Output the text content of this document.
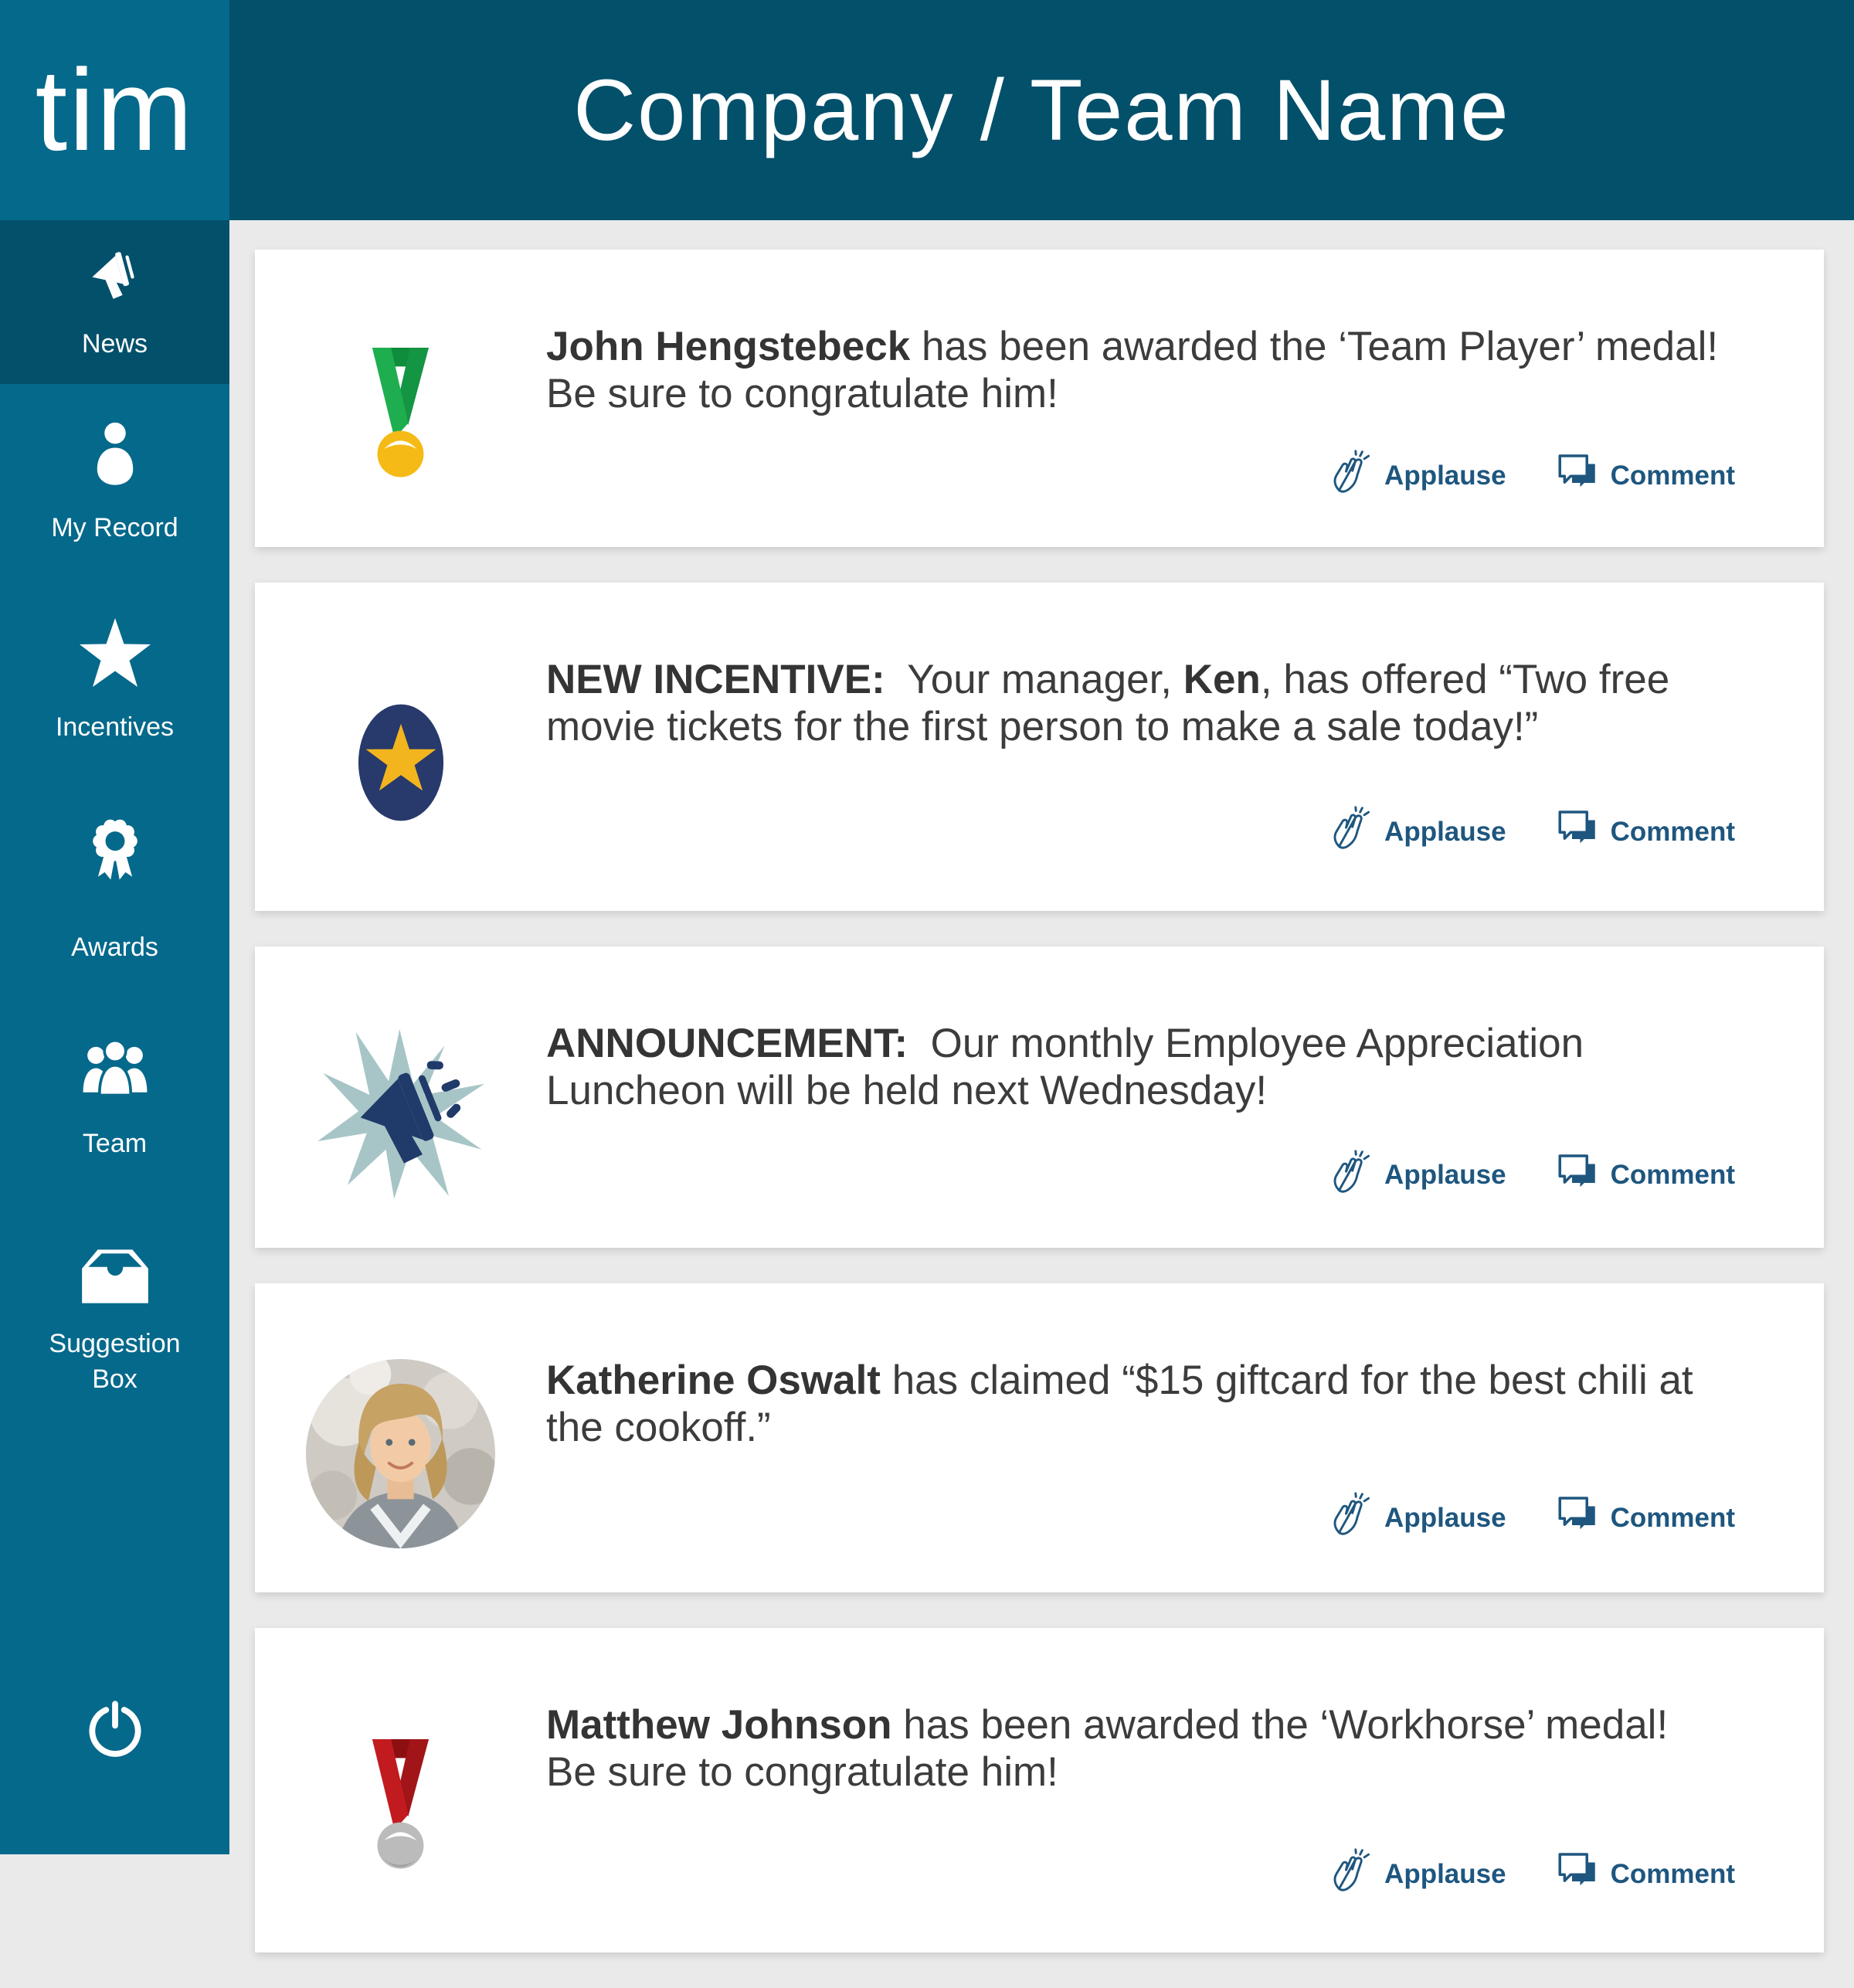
tim
News
My Record
Incentives
Awards
Team
Suggestion Box
Company / Team Name

John Hengstebeck has been awarded the ‘Team Player’ medal! Be sure to congratulate him!

Applause	Comment

NEW INCENTIVE:  Your manager, Ken, has offered “Two free movie tickets for the first person to make a sale today!”

Applause	Comment

ANNOUNCEMENT:  Our monthly Employee Appreciation Luncheon will be held next Wednesday!

Applause	Comment

Katherine Oswalt has claimed “$15 giftcard for the best chili at the cookoff.”

Applause	Comment

Matthew Johnson has been awarded the ‘Workhorse’ medal! Be sure to congratulate him!

Applause	Comment
